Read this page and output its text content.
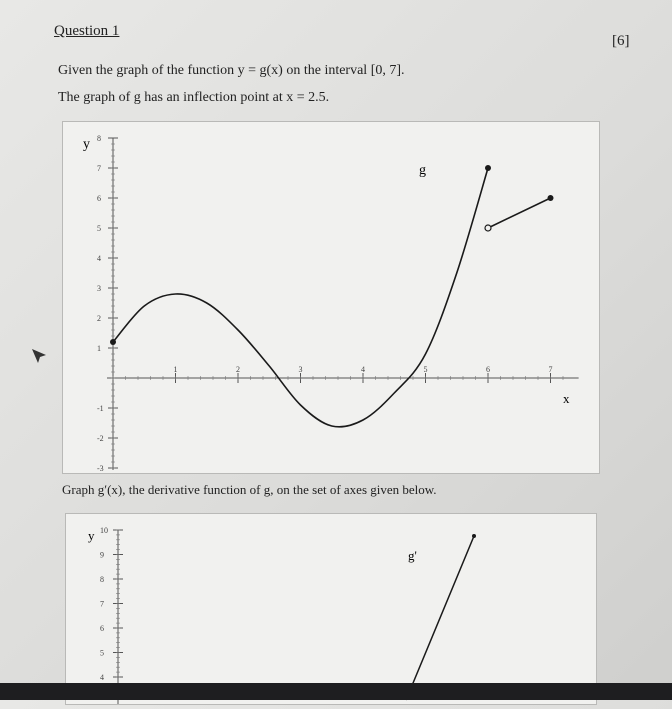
Question 1
[6]
Given the graph of the function y = g(x) on the interval [0, 7].
The graph of g has an inflection point at x = 2.5.
8
7
6
5
4
3
2
1
-1
-2
-3
1	2	3	4	5	6	7
y
x
g
Graph g′(x), the derivative function of g, on the set of axes given below.
10
9
8
7
6
5
4
y
g'
